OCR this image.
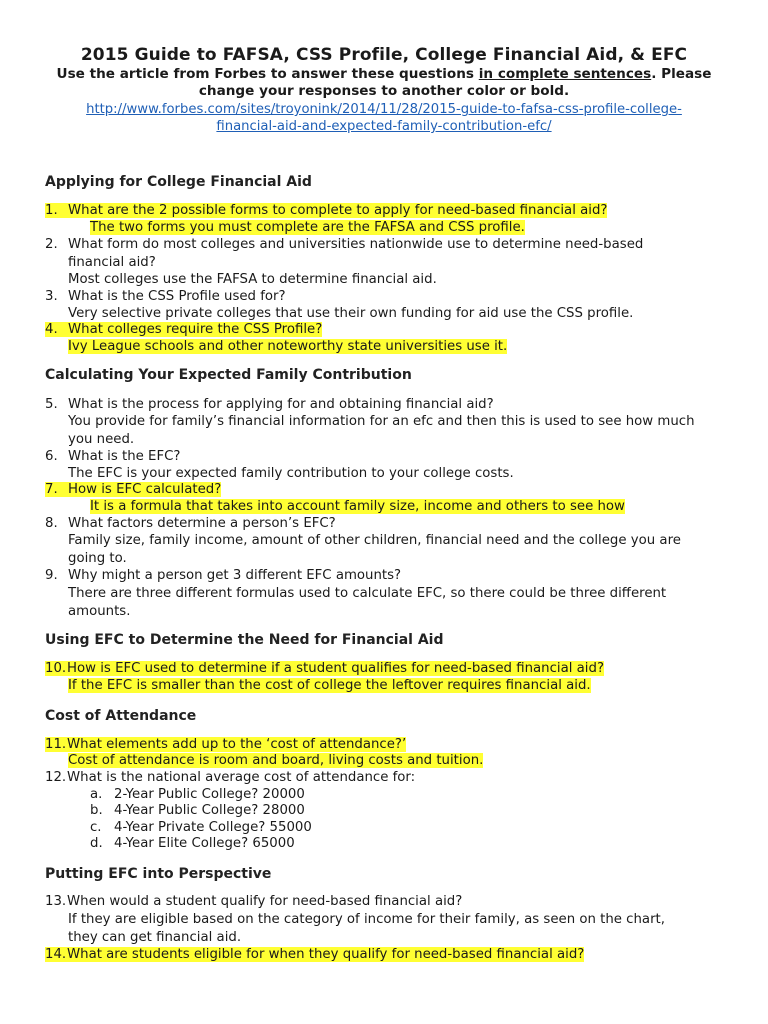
2015 Guide to FAFSA, CSS Profile, College Financial Aid, & EFC
Use the article from Forbes to answer these questions in complete sentences. Please change your responses to another color or bold.
http://www.forbes.com/sites/troyonink/2014/11/28/2015-guide-to-fafsa-css-profile-college-
financial-aid-and-expected-family-contribution-efc/
Applying for College Financial Aid
1. What are the 2 possible forms to complete to apply for need-based financial aid?
The two forms you must complete are the FAFSA and CSS profile.
2. What form do most colleges and universities nationwide use to determine need-based
financial aid?
Most colleges use the FAFSA to determine financial aid.
3. What is the CSS Profile used for?
Very selective private colleges that use their own funding for aid use the CSS profile.
4. What colleges require the CSS Profile?
Ivy League schools and other noteworthy state universities use it.
Calculating Your Expected Family Contribution
5. What is the process for applying for and obtaining financial aid?
You provide for family’s financial information for an efc and then this is used to see how much
you need.
6. What is the EFC?
The EFC is your expected family contribution to your college costs.
7. How is EFC calculated?
It is a formula that takes into account family size, income and others to see how
8. What factors determine a person’s EFC?
Family size, family income, amount of other children, financial need and the college you are
going to.
9. Why might a person get 3 different EFC amounts?
There are three different formulas used to calculate EFC, so there could be three different
amounts.
Using EFC to Determine the Need for Financial Aid
10.How is EFC used to determine if a student qualifies for need-based financial aid?
If the EFC is smaller than the cost of college the leftover requires financial aid.
Cost of Attendance
11.What elements add up to the ‘cost of attendance?’
Cost of attendance is room and board, living costs and tuition.
12.What is the national average cost of attendance for:
a. 2-Year Public College? 20000
b. 4-Year Public College? 28000
c. 4-Year Private College? 55000
d. 4-Year Elite College? 65000
Putting EFC into Perspective
13.When would a student qualify for need-based financial aid?
If they are eligible based on the category of income for their family, as seen on the chart,
they can get financial aid.
14.What are students eligible for when they qualify for need-based financial aid?
